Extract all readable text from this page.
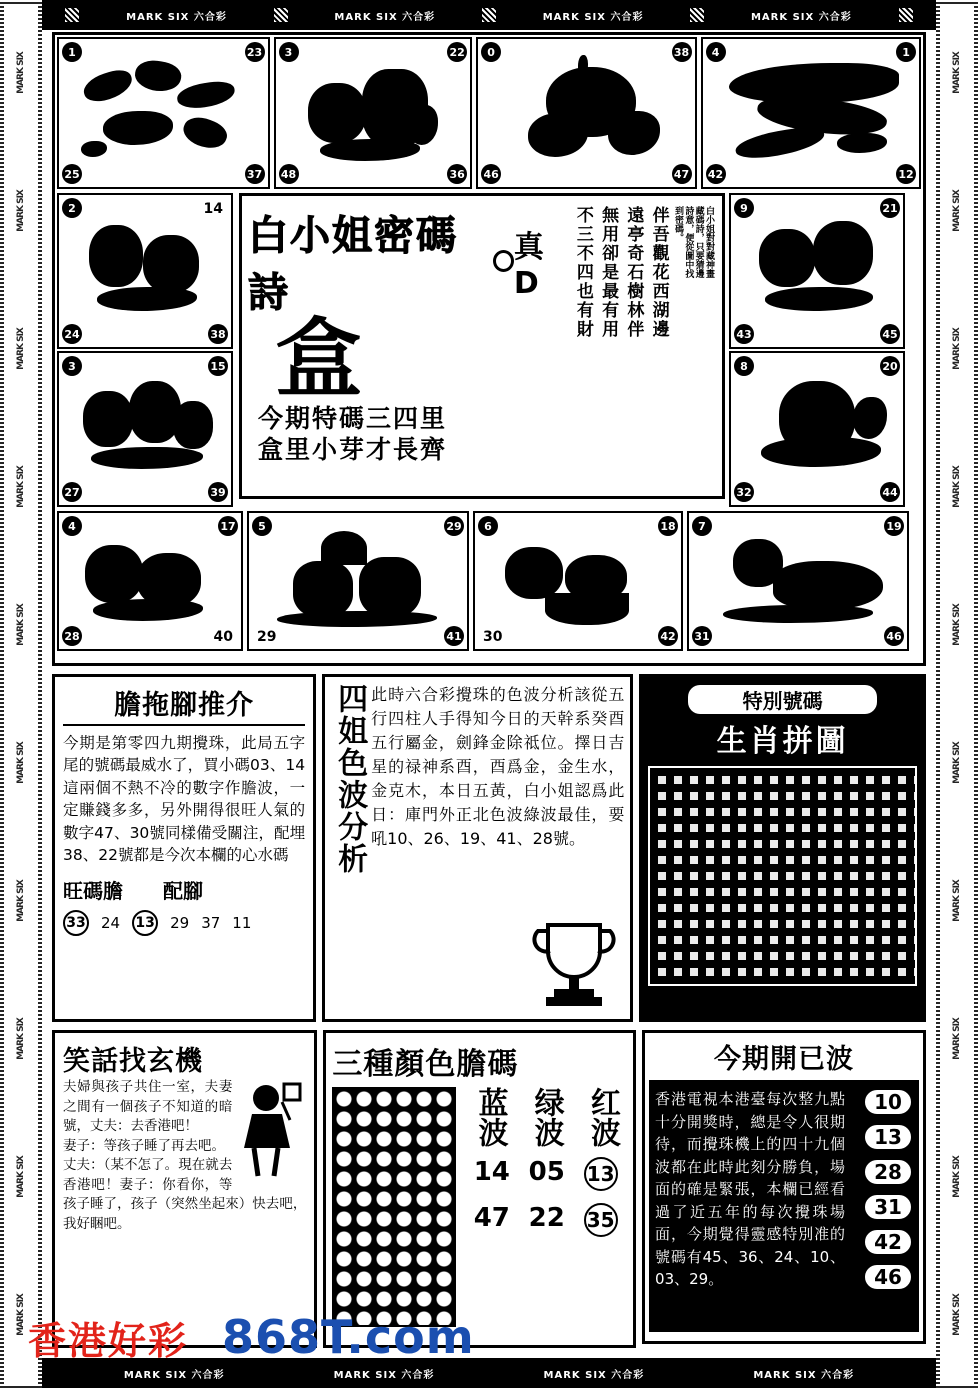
MARK SIX
MARK SIX
MARK SIX
MARK SIX
MARK SIX
MARK SIX
MARK SIX
MARK SIX
MARK SIX
MARK SIX
MARK SIX
MARK SIX
MARK SIX
MARK SIX
MARK SIX
MARK SIX
MARK SIX
MARK SIX
MARK SIX
MARK SIX
MARK SIX 六合彩	MARK SIX 六合彩	MARK SIX 六合彩	MARK SIX 六合彩
MARK SIX 六合彩	MARK SIX 六合彩	MARK SIX 六合彩	MARK SIX 六合彩
1	23
25	37
3	22
48	36
0	38
46	47
4	1
42	12
2	14
24	38
3	15
27	39
白小姐密碼詩
真D
盒
今期特碼三四里
盒里小芽才長齊
不三不四也有財 無用卻是最有用 遠亭奇石樹林伴 伴吾觀花西湖邊	白小姐對對藏神畫藏碼詩，只要猜邊詩意，便從圖中找到密碼。	9	21
43	45
8	20
32	44
4	17
28	40
5	29
29	41
6	18
30	42
7	19
31	46
膽拖腳推介
今期是第零四九期攪珠，此局五字尾的號碼最威水了，買小碼03、14這兩個不熱不冷的數字作膽波，一定賺錢多多，另外開得很旺人氣的數字47、30號同樣備受關注，配埋38、22號都是今次本欄的心水碼
旺碼膽 配腳
33 24 13 29 37 11
四姐色波分析 此時六合彩攪珠的色波分析該從五行四柱人手得知今日的天幹系癸酉五行屬金，劍鋒金除祗位。擇日吉星的禄神系酉，酉爲金，金生水，金克木，本日五黃，白小姐認爲此日：庫門外正北色波綠波最佳，要吼10、26、19、41、28號。
特別號碼
生肖拼圖
笑話找玄機
夫婦與孩子共住一室，夫妻之間有一個孩子不知道的暗號，丈夫：去香港吧！
妻子：等孩子睡了再去吧。
丈夫：（某不怎了。現在就去香港吧！妻子：你看你，等孩子睡了，孩子（突然坐起來）快去吧，我好睏吧。
三種顏色膽碼
蓝波 绿波 红波
14 05 13
47 22 35
今期開已波
香港電視本港臺每次整九點十分開獎時，總是令人很期待，而攪珠機上的四十九個波都在此時此刻分勝負，場面的確是緊張，本欄已經看過了近五年的每次攪珠場面，今期覺得靈感特別准的號碼有45、36、24、10、03、29。
10
13
28
31
42
46
香港好彩 868T.com
